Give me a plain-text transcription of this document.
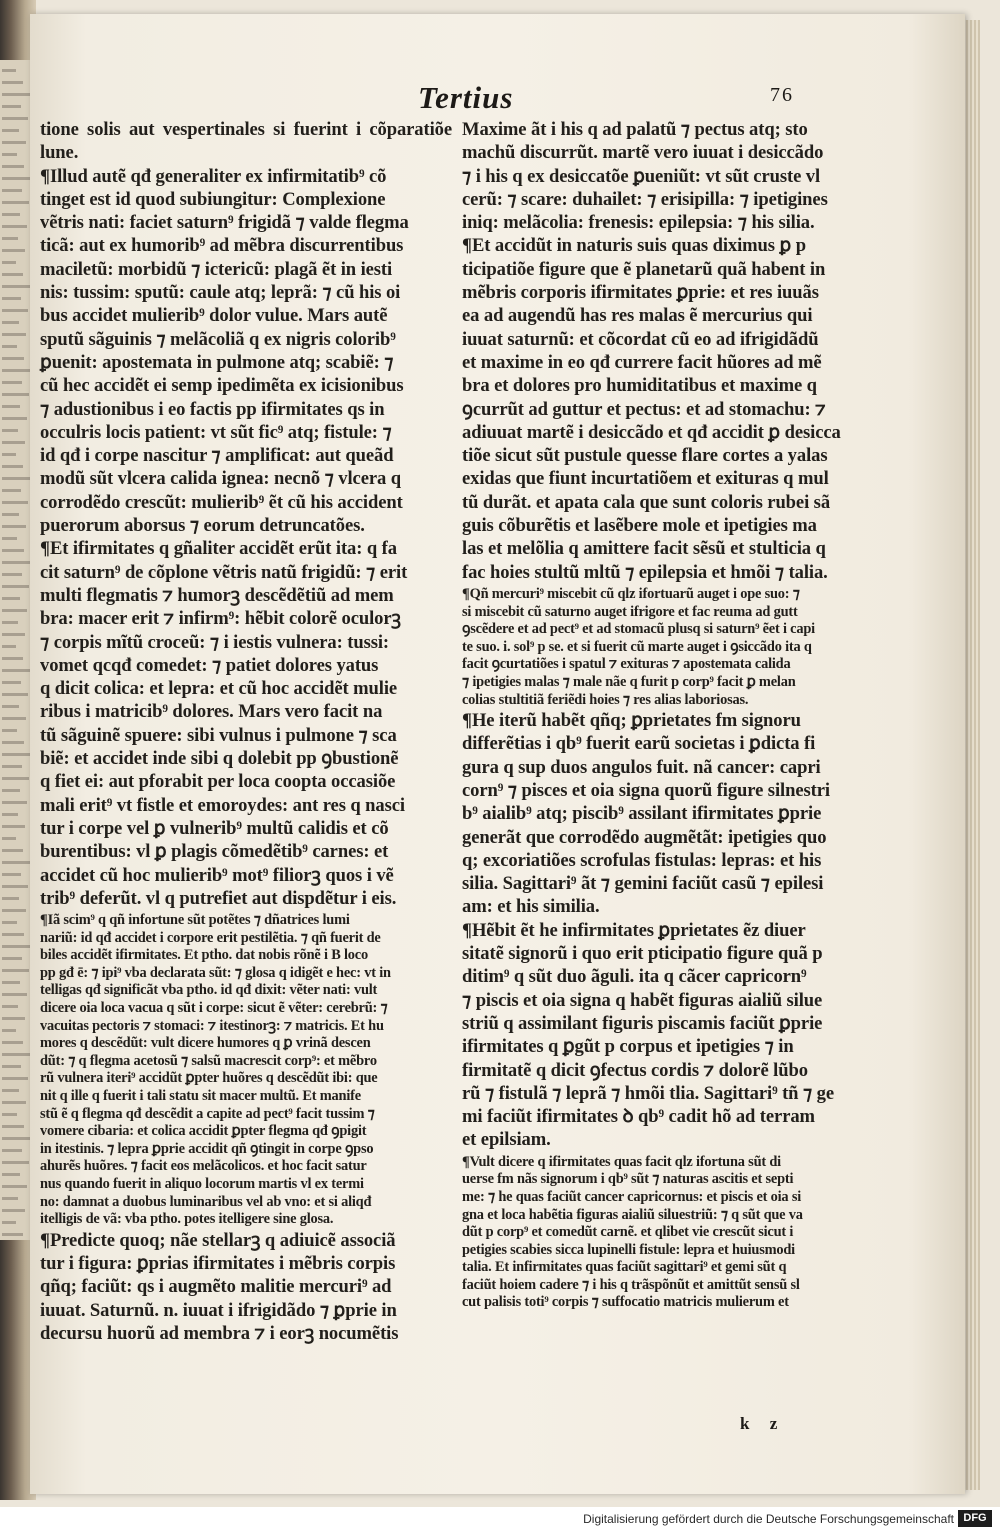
Tertius	76

tione solis aut vespertinales si fuerint i cõparatiõe lune.
¶Illud autẽ qđ generaliter ex infirmitatib⁹ cõ
tinget est id quod subiungitur: Complexione
vẽtris nati: faciet saturn⁹ frigidã ⁊ valde flegma
ticã: aut ex humorib⁹ ad mẽbra discurrentibus
maciletũ: morbidũ ⁊ ictericũ: plagã ẽt in iesti
nis: tussim: sputũ: caule atq; leprã: ⁊ cũ his oi
bus accidet mulierib⁹ dolor vulue. Mars autẽ
sputũ sãguinis ⁊ melãcoliã q ex nigris colorib⁹
ꝑuenit: apostemata in pulmone atq; scabiẽ: ⁊
cũ hec accidẽt ei semp ipedimẽta ex icisionibus
⁊ adustionibus i eo factis pp ifirmitates qs in
occulris locis patient: vt sũt fic⁹ atq; fistule: ⁊
id qđ i corpe nascitur ⁊ amplificat: aut queãd
modũ sũt vlcera calida ignea: necnõ ⁊ vlcera q
corrodẽdo crescũt: mulierib⁹ ẽt cũ his accident
puerorum aborsus ⁊ eorum detruncatões.

¶Et ifirmitates q gñaliter accidẽt erũt ita: q fa
cit saturn⁹ de cõplone vẽtris natũ frigidũ: ⁊ erit
multi flegmatis ⁊ humorꝫ descẽdẽtiũ ad mem
bra: macer erit ⁊ infirm⁹: hẽbit colorẽ oculorꝫ
⁊ corpis mĩtũ croceũ: ⁊ i iestis vulnera: tussi:
vomet qcqđ comedet: ⁊ patiet dolores yatus
q dicit colica: et lepra: et cũ hoc accidẽt mulie
ribus i matricib⁹ dolores. Mars vero facit na
tũ sãguinẽ spuere: sibi vulnus i pulmone ⁊ sca
biẽ: et accidet inde sibi q dolebit pp ꝯbustionẽ
q fiet ei: aut pforabit per loca coopta occasiõe
mali erit⁹ vt fistle et emoroydes: ant res q nasci
tur i corpe vel ꝑ vulnerib⁹ multũ calidis et cõ
burentibus: vl ꝑ plagis cõmedẽtib⁹ carnes: et
accidet cũ hoc mulierib⁹ mot⁹ filiorꝫ quos i vẽ
trib⁹ deferũt. vl q putrefiet aut dispdẽtur i eis.

¶Iã scim⁹ q qñ infortune sũt potẽtes ⁊ dñatrices lumi
nariũ: id qđ accidet i corpore erit pestilẽtia. ⁊ qñ fuerit de
biles accidẽt ifirmitates. Et ptho. dat nobis rõnẽ i B loco
pp gđ ē: ⁊ ipi⁹ vba declarata sũt: ⁊ glosa q idigẽt e hec: vt in
telligas qđ significãt vba ptho. id qđ dixit: vẽter nati: vult
dicere oia loca vacua q sũt i corpe: sicut ẽ vẽter: cerebrũ: ⁊
vacuitas pectoris ⁊ stomaci: ⁊ itestinorꝫ: ⁊ matricis. Et hu
mores q descẽdũt: vult dicere humores q ꝑ vrinã descen
dũt: ⁊ q flegma acetosũ ⁊ salsũ macrescit corp⁹: et mẽbro
rũ vulnera iteri⁹ accidũt ꝑpter huõres q descẽdũt ibi: que
nit q ille q fuerit i tali statu sit macer multũ. Et manife
stũ ẽ q flegma qđ descẽdit a capite ad pect⁹ facit tussim ⁊
vomere cibaria: et colica accidit ꝑpter flegma qđ ꝯpigit
in itestinis. ⁊ lepra ꝑprie accidit qñ ꝯtingit in corpe ꝯpso
ahurẽs huõres. ⁊ facit eos melãcolicos. et hoc facit satur
nus quando fuerit in aliquo locorum martis vl ex termi
no: damnat a duobus luminaribus vel ab vno: et si aliqđ
itelligis de vã: vba ptho. potes itelligere sine glosa.

¶Predicte quoq; nãe stellarꝫ q adiuicẽ associã
tur i figura: ꝑprias ifirmitates i mẽbris corpis
qñq; faciũt: qs i augmẽto malitie mercuri⁹ ad
iuuat. Saturnũ. n. iuuat i ifrigidãdo ⁊ ꝑprie in
decursu huorũ ad membra ⁊ i eorꝫ nocumẽtis

Maxime ãt i his q ad palatũ ⁊ pectus atq; sto
machũ discurrũt. martẽ vero iuuat i desiccãdo
⁊ i his q ex desiccatõe ꝑueniũt: vt sũt cruste vl
cerũ: ⁊ scare: duhailet: ⁊ erisipilla: ⁊ ipetigines
iniq: melãcolia: frenesis: epilepsia: ⁊ his silia.

¶Et accidũt in naturis suis quas diximus ꝑ p
ticipatiõe figure que ẽ planetarũ quã habent in
mẽbris corporis ifirmitates ꝑprie: et res iuuãs
ea ad augendũ has res malas ẽ mercurius qui
iuuat saturnũ: et cõcordat cũ eo ad ifrigidãdũ
et maxime in eo qđ currere facit hũores ad mẽ
bra et dolores pro humiditatibus et maxime q
ꝯcurrũt ad guttur et pectus: et ad stomachu: ⁊
adiuuat martẽ i desiccãdo et qđ accidit ꝑ desicca
tiõe sicut sũt pustule quesse flare cortes a yalas
exidas que fiunt incurtatiõem et exituras q mul
tũ durãt. et apata cala que sunt coloris rubei sã
guis cõburẽtis et lasẽbere mole et ipetigies ma
las et melõlia q amittere facit sẽsũ et stulticia q
fac hoies stultũ mltũ ⁊ epilepsia et hmõi ⁊ talia.

¶Qñ mercuri⁹ miscebit cũ qlz ifortuarũ auget i ope suo: ⁊
si miscebit cũ saturno auget ifrigore et fac reuma ad gutt
ꝯscẽdere et ad pect⁹ et ad stomacũ plusq si saturn⁹ ẽet i capi
te suo. i. sol⁹ p se. et si fuerit cũ marte auget i ꝯsiccãdo ita q
facit ꝯcurtatiões i spatul ⁊ exituras ⁊ apostemata calida
⁊ ipetigies malas ⁊ male nãe q furit p corp⁹ facit ꝑ melan
colias stultitiã feriẽdi hoies ⁊ res alias laboriosas.

¶He iterũ habẽt qñq; ꝑprietates fm signoru
differẽtias i qb⁹ fuerit earũ societas i ꝑdicta fi
gura q sup duos angulos fuit. nã cancer: capri
corn⁹ ⁊ pisces et oia signa quorũ figure silnestri
b⁹ aialib⁹ atq; piscib⁹ assilant ifirmitates ꝑprie
generãt que corrodẽdo augmẽtãt: ipetigies quo
q; excoriatiões scrofulas fistulas: lepras: et his
silia. Sagittari⁹ ãt ⁊ gemini faciũt casũ ⁊ epilesi
am: et his similia.

¶Hẽbit ẽt he infirmitates ꝑprietates ẽz diuer
sitatẽ signorũ i quo erit pticipatio figure quã p
ditim⁹ q sũt duo ãguli. ita q cãcer capricorn⁹
⁊ piscis et oia signa q habẽt figuras aialiũ silue
striũ q assimilant figuris piscamis faciũt ꝑprie
ifirmitates q ꝑgũt p corpus et ipetigies ⁊ in
firmitatẽ q dicit ꝯfectus cordis ⁊ dolorẽ lũbo
rũ ⁊ fistulã ⁊ leprã ⁊ hmõi tlia. Sagittari⁹ tñ ⁊ ge
mi faciũt ifirmitates ꝺ qb⁹ cadit hõ ad terram
et epilsiam.

¶Vult dicere q ifirmitates quas facit qlz ifortuna sũt di
uerse fm nãs signorum i qb⁹ sũt ⁊ naturas ascitis et septi
me: ⁊ he quas faciũt cancer capricornus: et piscis et oia si
gna et loca habẽtia figuras aialiũ siluestriũ: ⁊ q sũt que va
dũt p corp⁹ et comedũt carnẽ. et qlibet vie crescũt sicut i
petigies scabies sicca lupinelli fistule: lepra et huiusmodi
talia. Et infirmitates quas faciũt sagittari⁹ et gemi sũt q
faciũt hoiem cadere ⁊ i his q trãspõnũt et amittũt sensũ sl
cut palisis toti⁹ corpis ⁊ suffocatio matricis mulierum et

k z
Digitalisierung gefördert durch die Deutsche Forschungsgemeinschaft DFG
